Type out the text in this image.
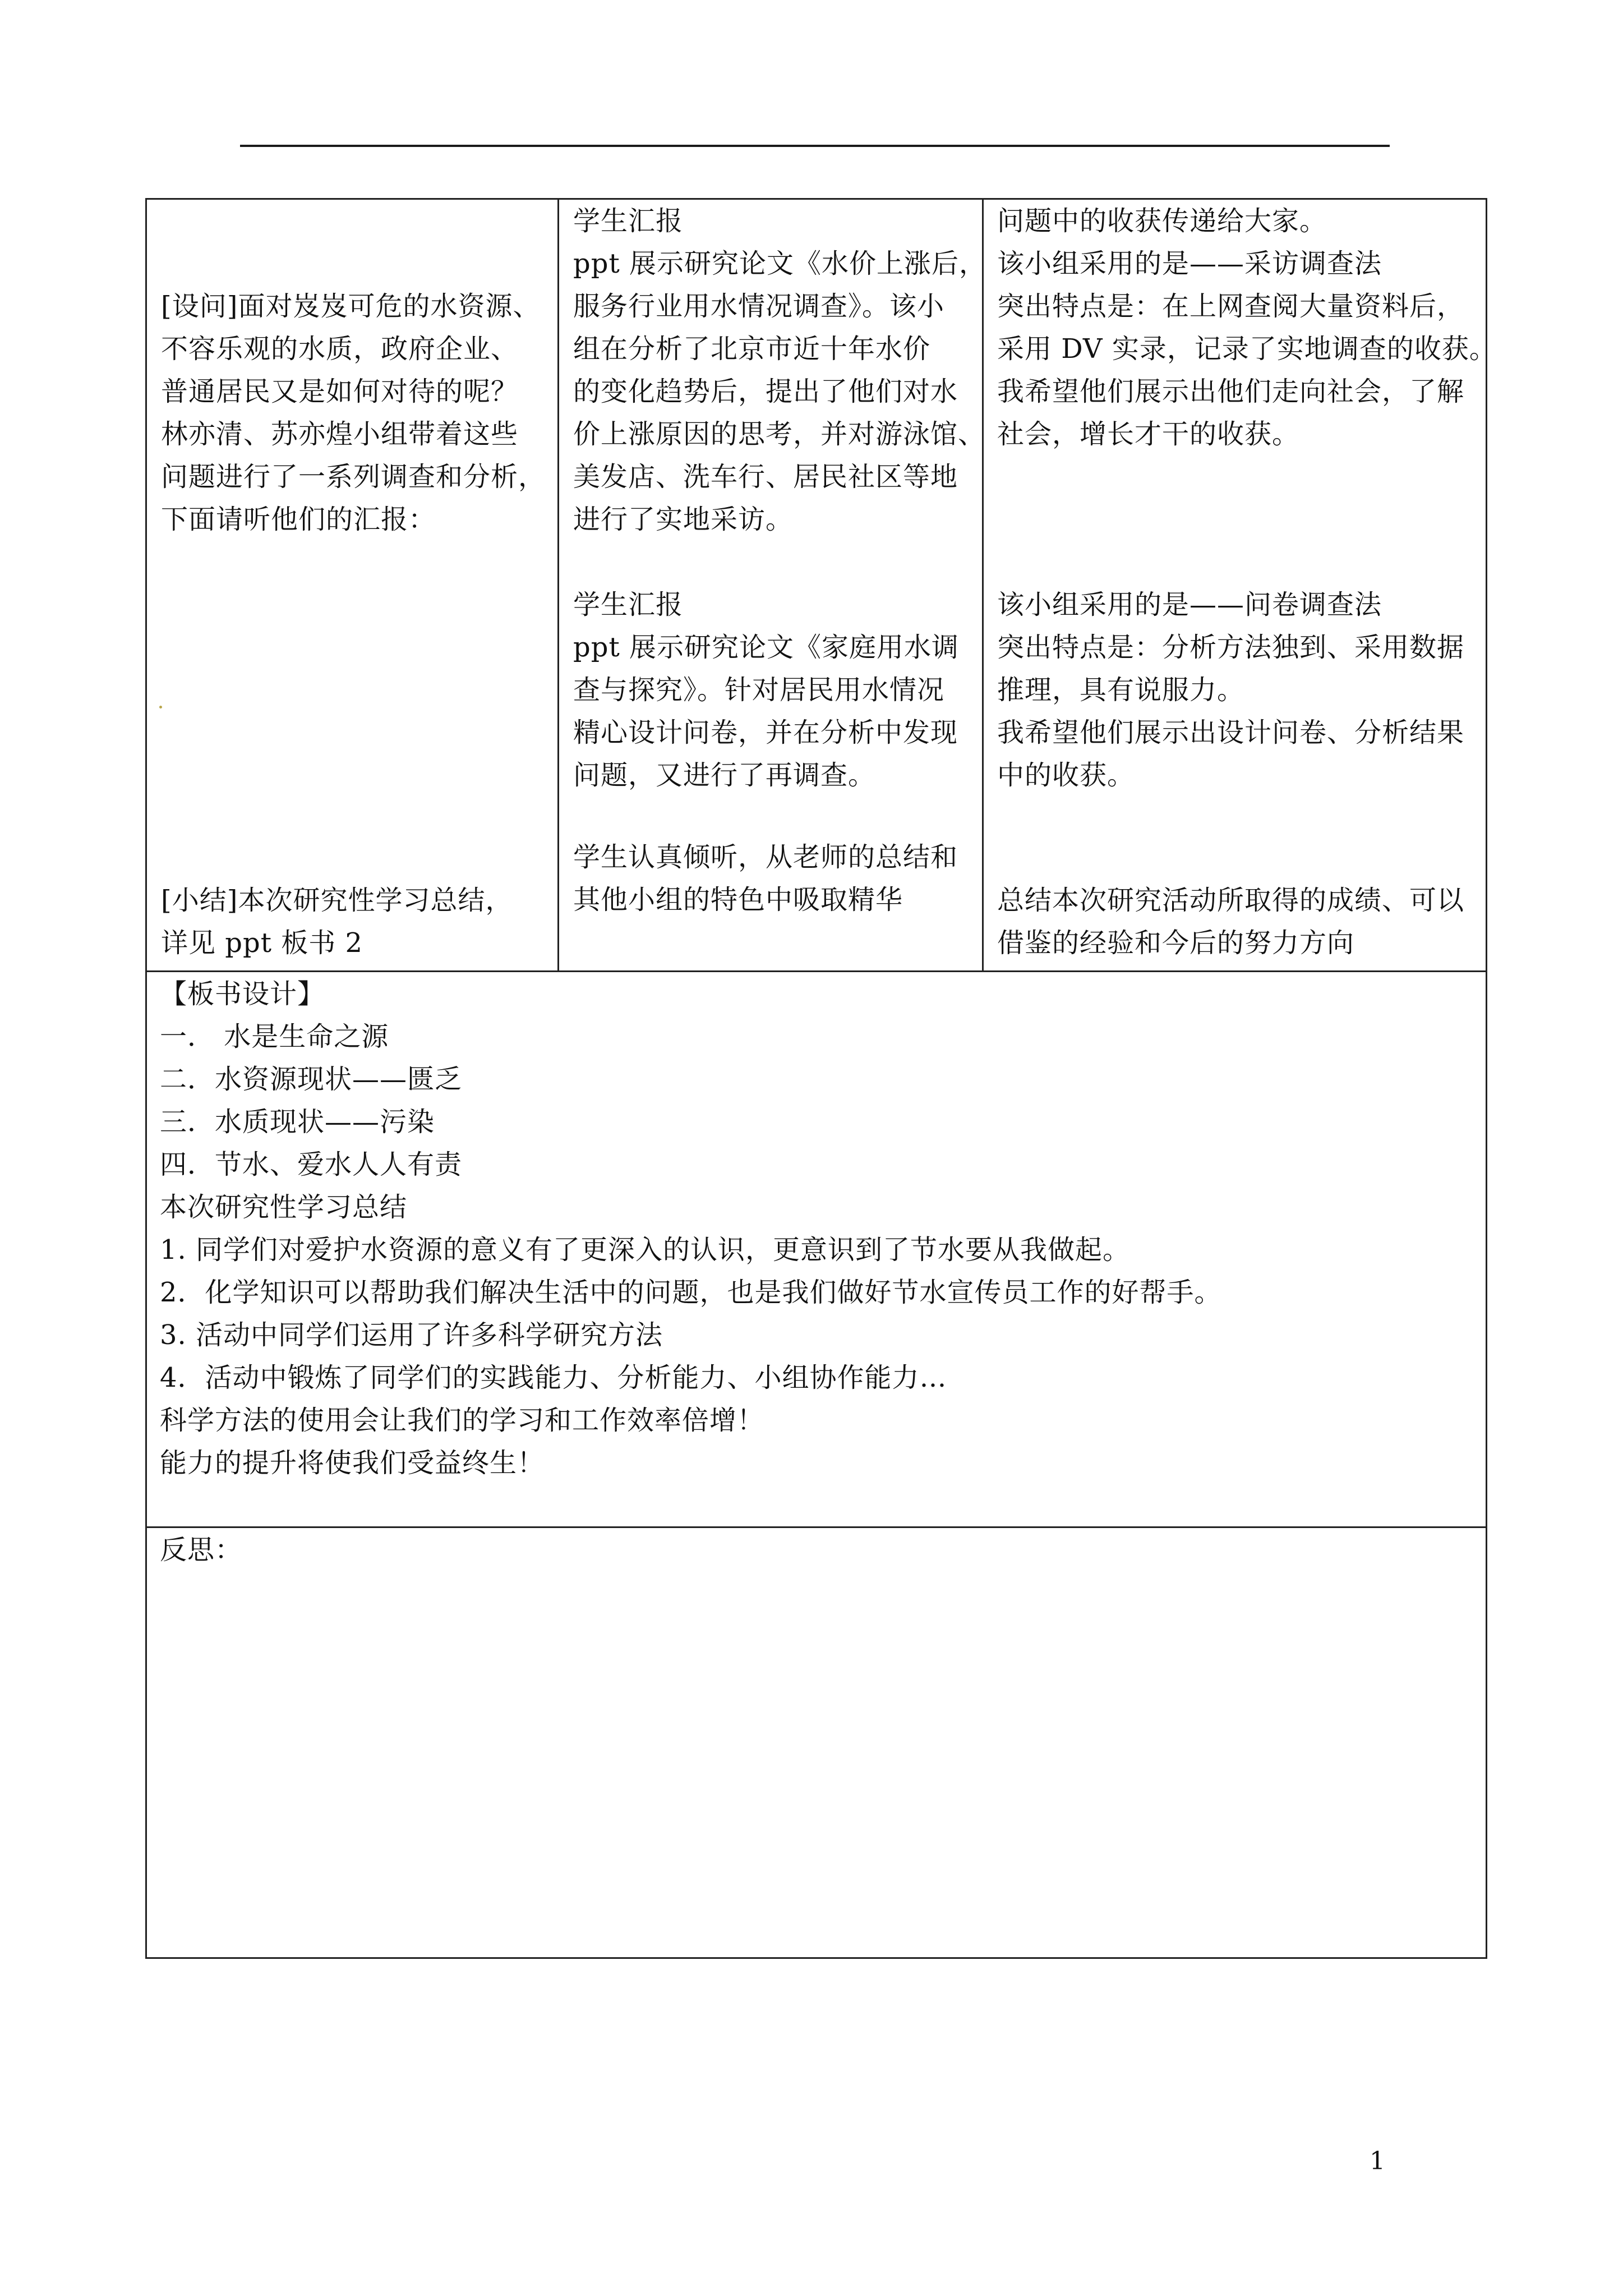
[设问]面对岌岌可危的水资源、
不容乐观的水质，政府企业、
普通居民又是如何对待的呢？
林亦清、苏亦煌小组带着这些
问题进行了一系列调查和分析，
下面请听他们的汇报：
[小结]本次研究性学习总结，
详见 ppt 板书 2
学生汇报
ppt 展示研究论文《水价上涨后，
服务行业用水情况调查》。该小
组在分析了北京市近十年水价
的变化趋势后，提出了他们对水
价上涨原因的思考，并对游泳馆、
美发店、洗车行、居民社区等地
进行了实地采访。
学生汇报
ppt 展示研究论文《家庭用水调
查与探究》。针对居民用水情况
精心设计问卷，并在分析中发现
问题，又进行了再调查。
学生认真倾听，从老师的总结和
其他小组的特色中吸取精华
问题中的收获传递给大家。
该小组采用的是——采访调查法
突出特点是：在上网查阅大量资料后，
采用 DV 实录，记录了实地调查的收获。
我希望他们展示出他们走向社会，了解
社会，增长才干的收获。
该小组采用的是——问卷调查法
突出特点是：分析方法独到、采用数据
推理，具有说服力。
我希望他们展示出设计问卷、分析结果
中的收获。
总结本次研究活动所取得的成绩、可以
借鉴的经验和今后的努力方向
【板书设计】
一． 水是生命之源
二．水资源现状——匮乏
三．水质现状——污染
四．节水、爱水人人有责
本次研究性学习总结
1. 同学们对爱护水资源的意义有了更深入的认识，更意识到了节水要从我做起。
2．化学知识可以帮助我们解决生活中的问题，也是我们做好节水宣传员工作的好帮手。
3. 活动中同学们运用了许多科学研究方法
4．活动中锻炼了同学们的实践能力、分析能力、小组协作能力…
科学方法的使用会让我们的学习和工作效率倍增！
能力的提升将使我们受益终生！
反思：
1
